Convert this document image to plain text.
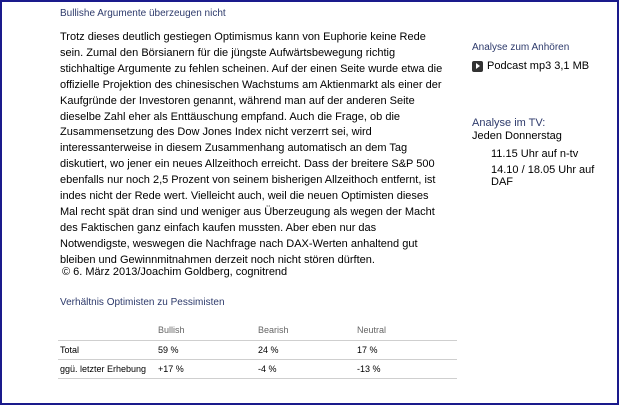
Bullishe Argumente überzeugen nicht
Trotz dieses deutlich gestiegen Optimismus kann von Euphorie keine Rede sein. Zumal den Börsianern für die jüngste Aufwärtsbewegung richtig stichhaltige Argumente zu fehlen scheinen. Auf der einen Seite wurde etwa die offizielle Projektion des chinesischen Wachstums am Aktienmarkt als einer der Kaufgründe der Investoren genannt, während man auf der anderen Seite dieselbe Zahl eher als Enttäuschung empfand. Auch die Frage, ob die Zusammensetzung des Dow Jones Index nicht verzerrt sei, wird interessanterweise in diesem Zusammenhang automatisch an dem Tag diskutiert, wo jener ein neues Allzeithoch erreicht. Dass der breitere S&P 500 ebenfalls nur noch 2,5 Prozent von seinem bisherigen Allzeithoch entfernt, ist indes nicht der Rede wert. Vielleicht auch, weil die neuen Optimisten dieses Mal recht spät dran sind und weniger aus Überzeugung als wegen der Macht des Faktischen ganz einfach kaufen mussten. Aber eben nur das Notwendigste, weswegen die Nachfrage nach DAX-Werten anhaltend gut bleiben und Gewinnmitnahmen derzeit noch nicht stören dürften.
© 6. März 2013/Joachim Goldberg, cognitrend
Verhältnis Optimisten zu Pessimisten
	Bullish	Bearish	Neutral
Total	59 %	24 %	17 %
ggü. letzter Erhebung	+17 %	-4 %	-13 %
Analyse zum Anhören
Podcast mp3 3,1 MB
Analyse im TV:
Jeden Donnerstag
11.15 Uhr auf n-tv
14.10 / 18.05 Uhr auf DAF
